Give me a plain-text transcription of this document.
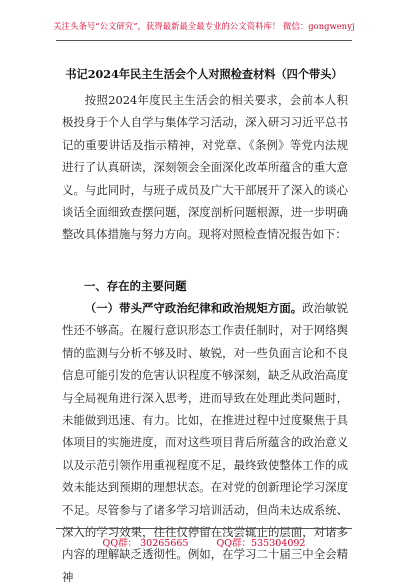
关注头条号“公文研究”，获得最新最全最专业的公文资料库！ 微信：gongwenyj
书记2024年民主生活会个人对照检查材料（四个带头）
按照2024年度民主生活会的相关要求，会前本人积极投身于个人自学与集体学习活动，深入研习习近平总书记的重要讲话及指示精神，对党章、《条例》等党内法规进行了认真研读，深刻领会全面深化改革所蕴含的重大意义。与此同时，与班子成员及广大干部展开了深入的谈心谈话全面细致查摆问题，深度剖析问题根源，进一步明确整改具体措施与努力方向。现将对照检查情况报告如下：
一、存在的主要问题
（一）带头严守政治纪律和政治规矩方面。政治敏锐性还不够高。在履行意识形态工作责任制时，对于网络舆情的监测与分析不够及时、敏锐，对一些负面言论和不良信息可能引发的危害认识程度不够深刻，缺乏从政治高度与全局视角进行深入思考，进而导致在处理此类问题时，未能做到迅速、有力。比如，在推进过程中过度聚焦于具体项目的实施进度，而对这些项目背后所蕴含的政治意义以及示范引领作用重视程度不足，最终致使整体工作的成效未能达到预期的理想状态。在对党的创新理论学习深度不足。尽管参与了诸多学习培训活动，但尚未达成系统、深入的学习效果，往往仅停留在浅尝辄止的层面，对诸多内容的理解缺乏透彻性。例如，在学习二十届三中全会精神
QQ群： 30265665	QQ群：535304092
